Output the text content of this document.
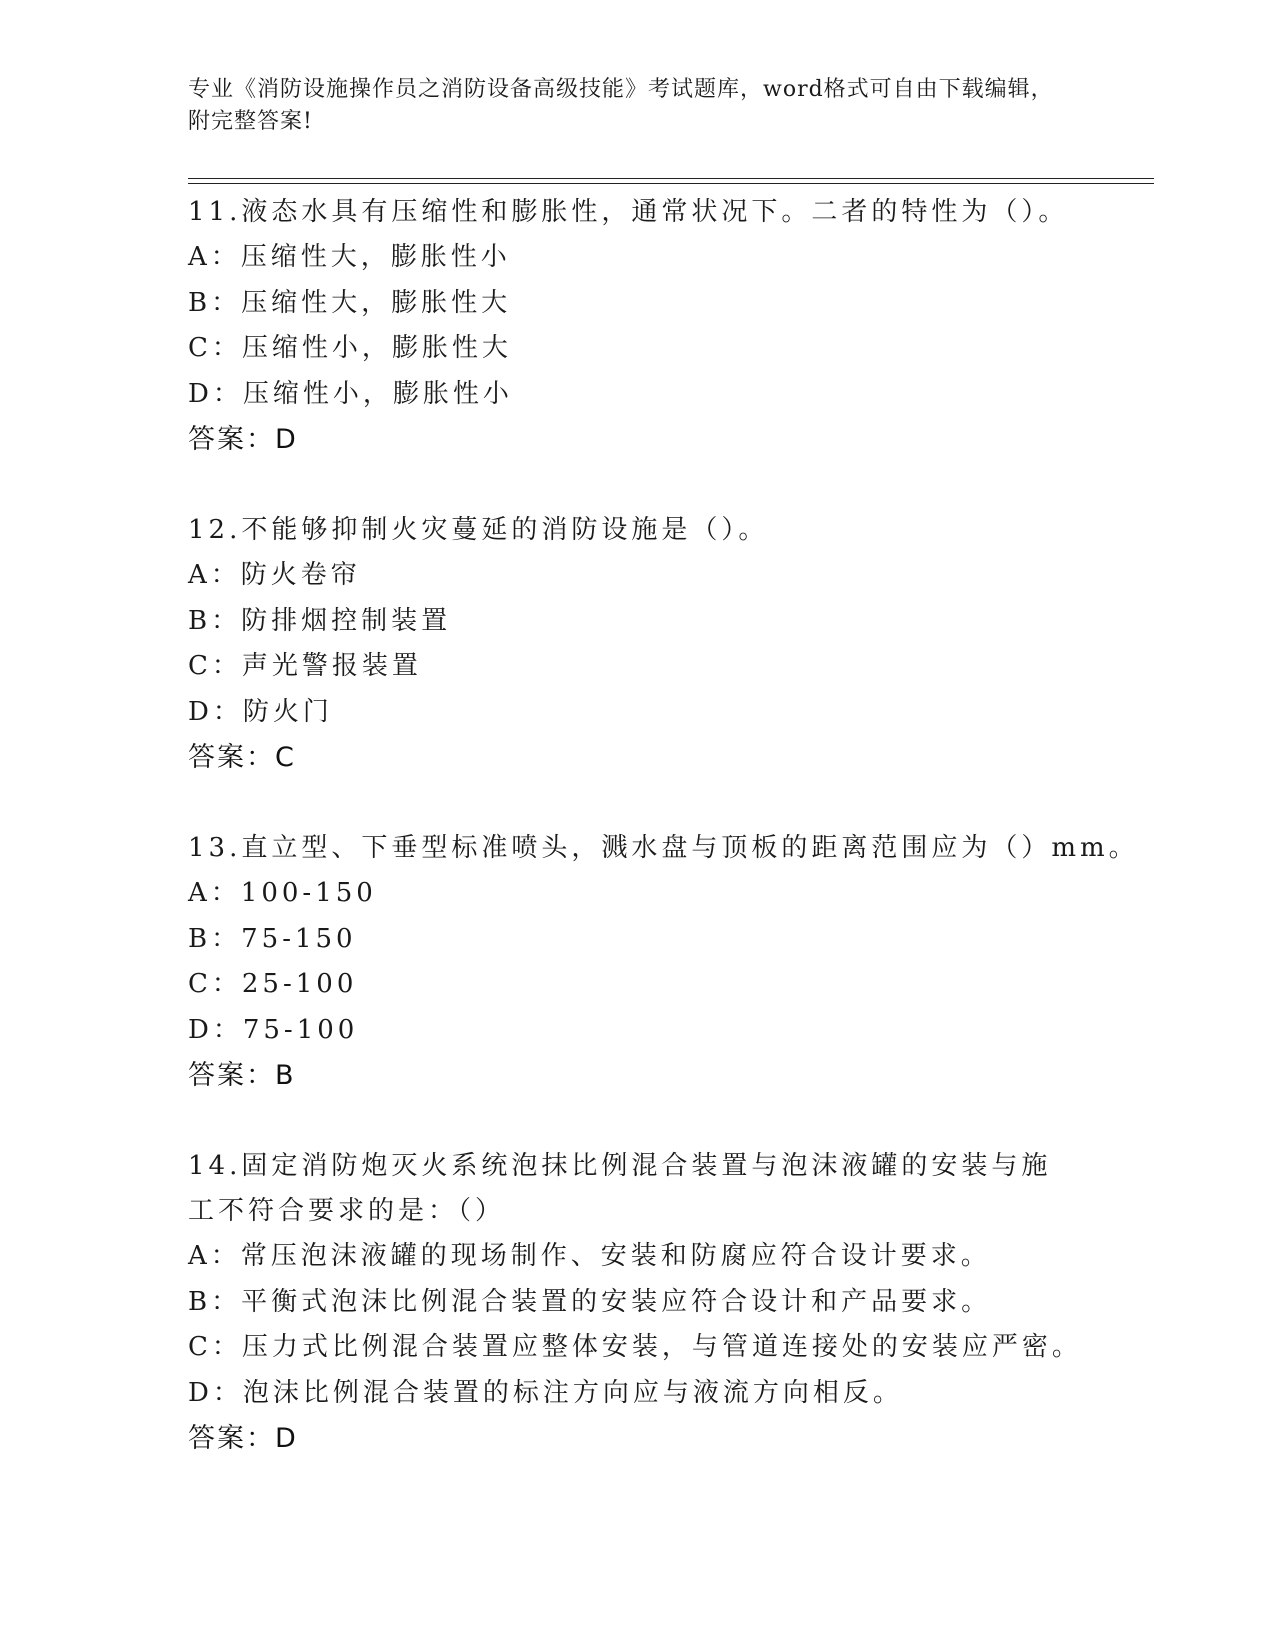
专业《消防设施操作员之消防设备高级技能》考试题库，word格式可自由下载编辑，附完整答案!
11.液态水具有压缩性和膨胀性，通常状况下。二者的特性为（）。
A：压缩性大，膨胀性小
B：压缩性大，膨胀性大
C：压缩性小，膨胀性大
D：压缩性小，膨胀性小
答案：D
12.不能够抑制火灾蔓延的消防设施是（）。
A：防火卷帘
B：防排烟控制装置
C：声光警报装置
D：防火门
答案：C
13.直立型、下垂型标准喷头，溅水盘与顶板的距离范围应为（）mm。
A：100-150
B：75-150
C：25-100
D：75-100
答案：B
14.固定消防炮灭火系统泡抹比例混合装置与泡沫液罐的安装与施工不符合要求的是：（）
A：常压泡沫液罐的现场制作、安装和防腐应符合设计要求。
B：平衡式泡沫比例混合装置的安装应符合设计和产品要求。
C：压力式比例混合装置应整体安装，与管道连接处的安装应严密。
D：泡沫比例混合装置的标注方向应与液流方向相反。
答案：D
